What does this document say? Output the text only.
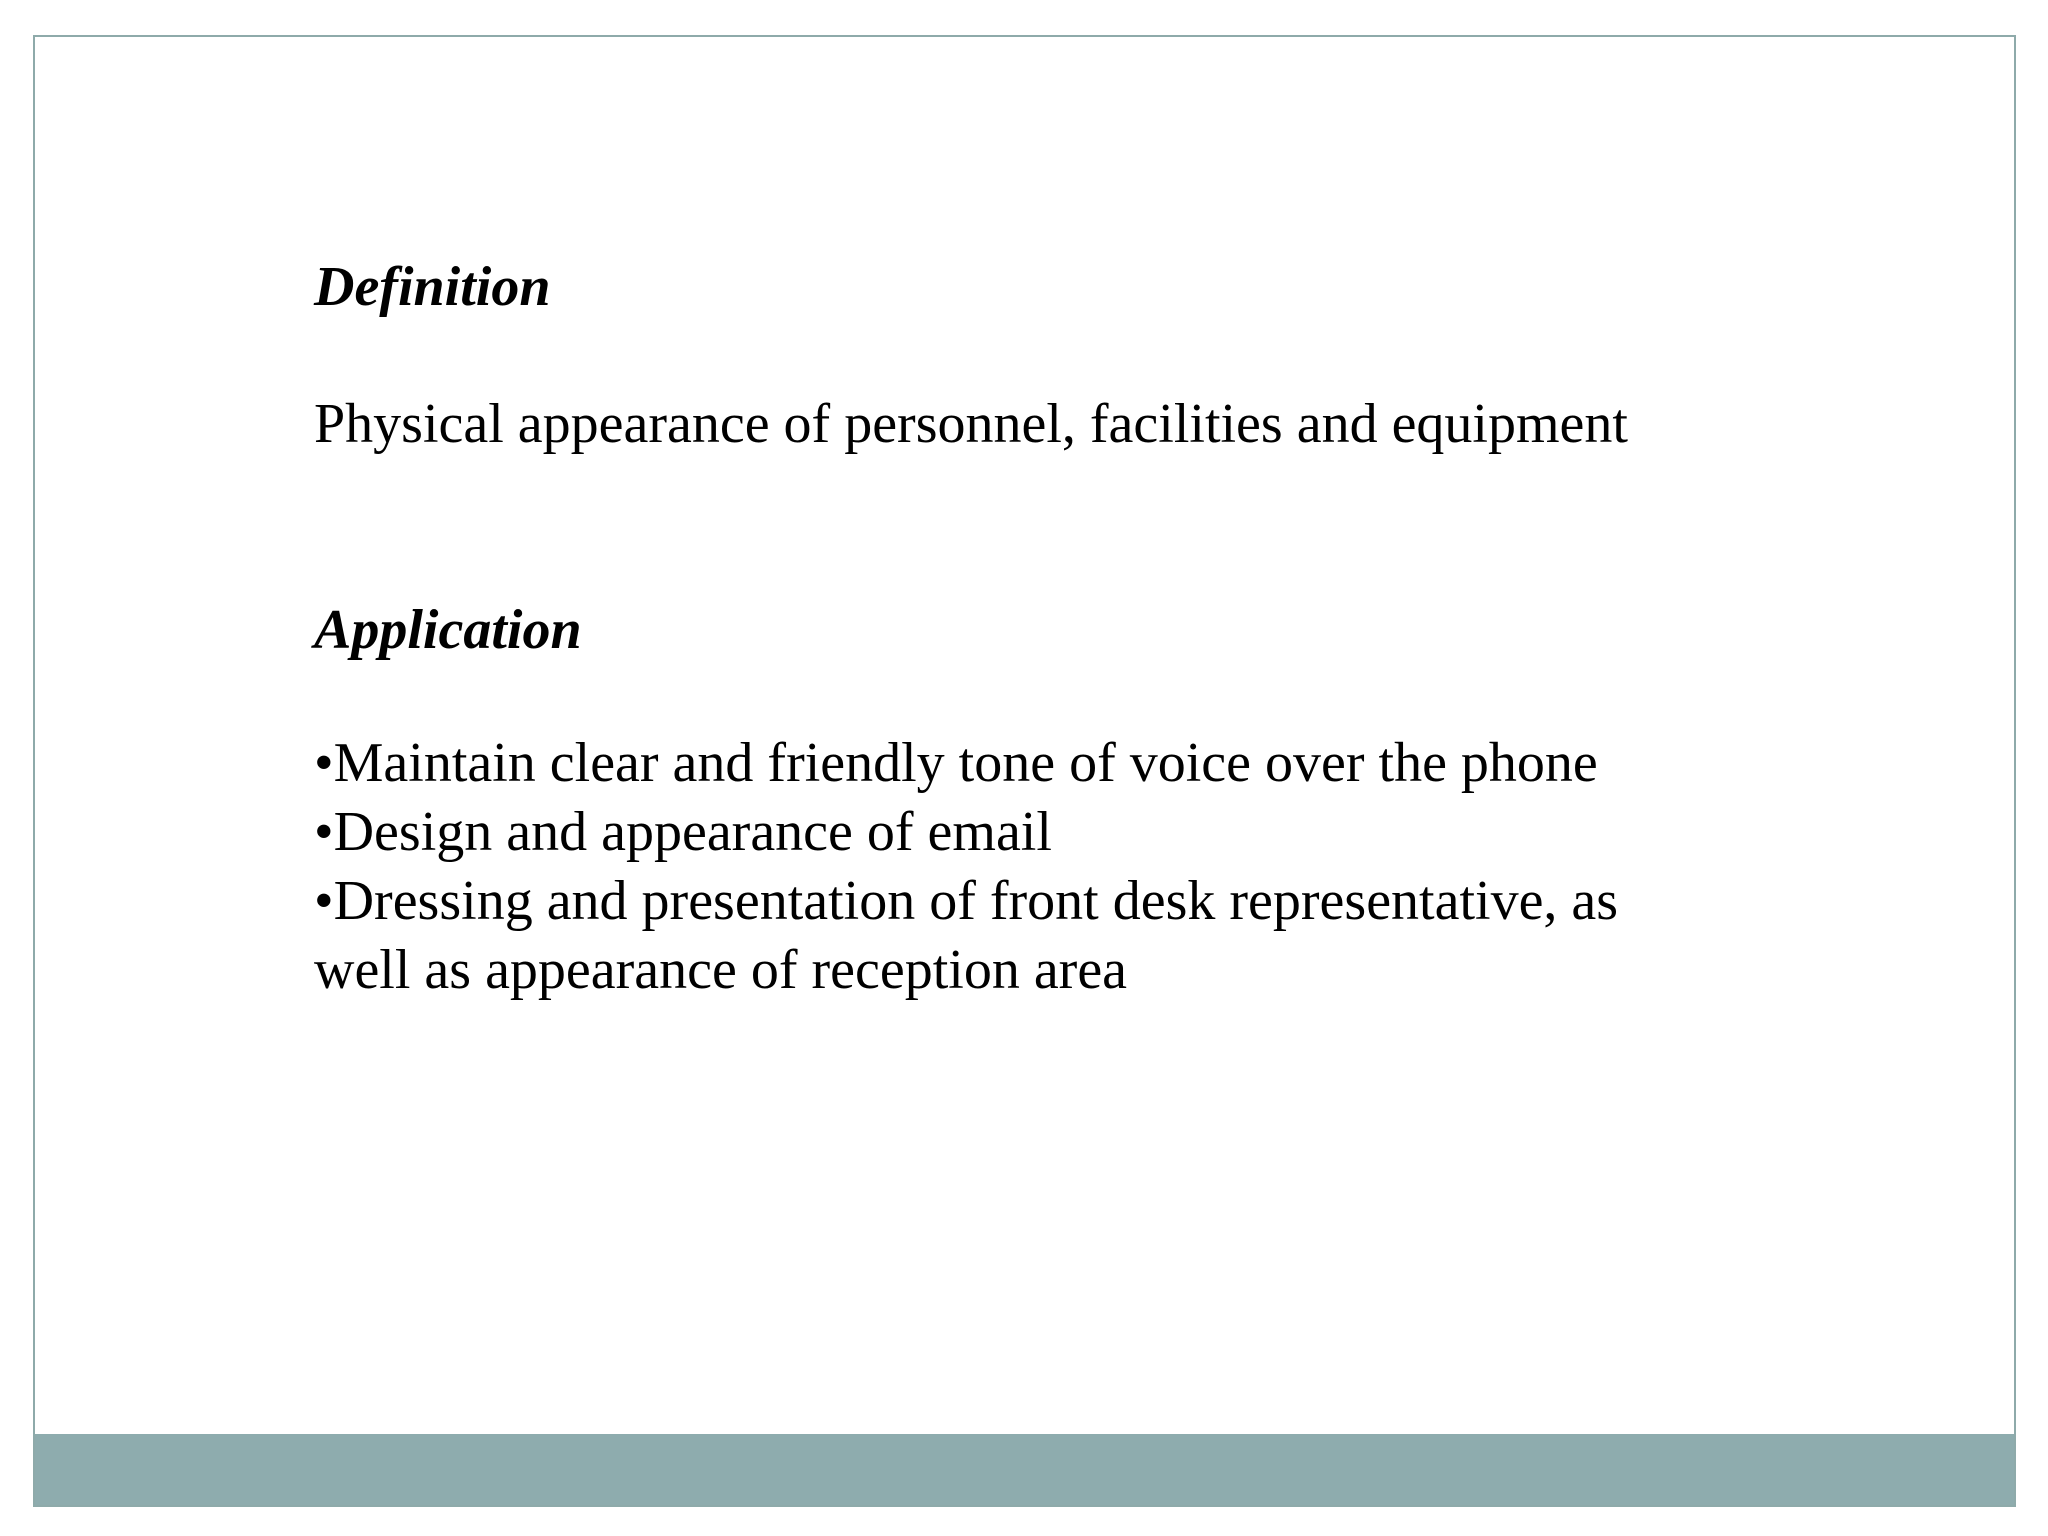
Definition
Physical appearance of personnel, facilities and equipment
Application
•Maintain clear and friendly tone of voice over the phone
•Design and appearance of email
•Dressing and presentation of front desk representative, as
well as appearance of reception area
